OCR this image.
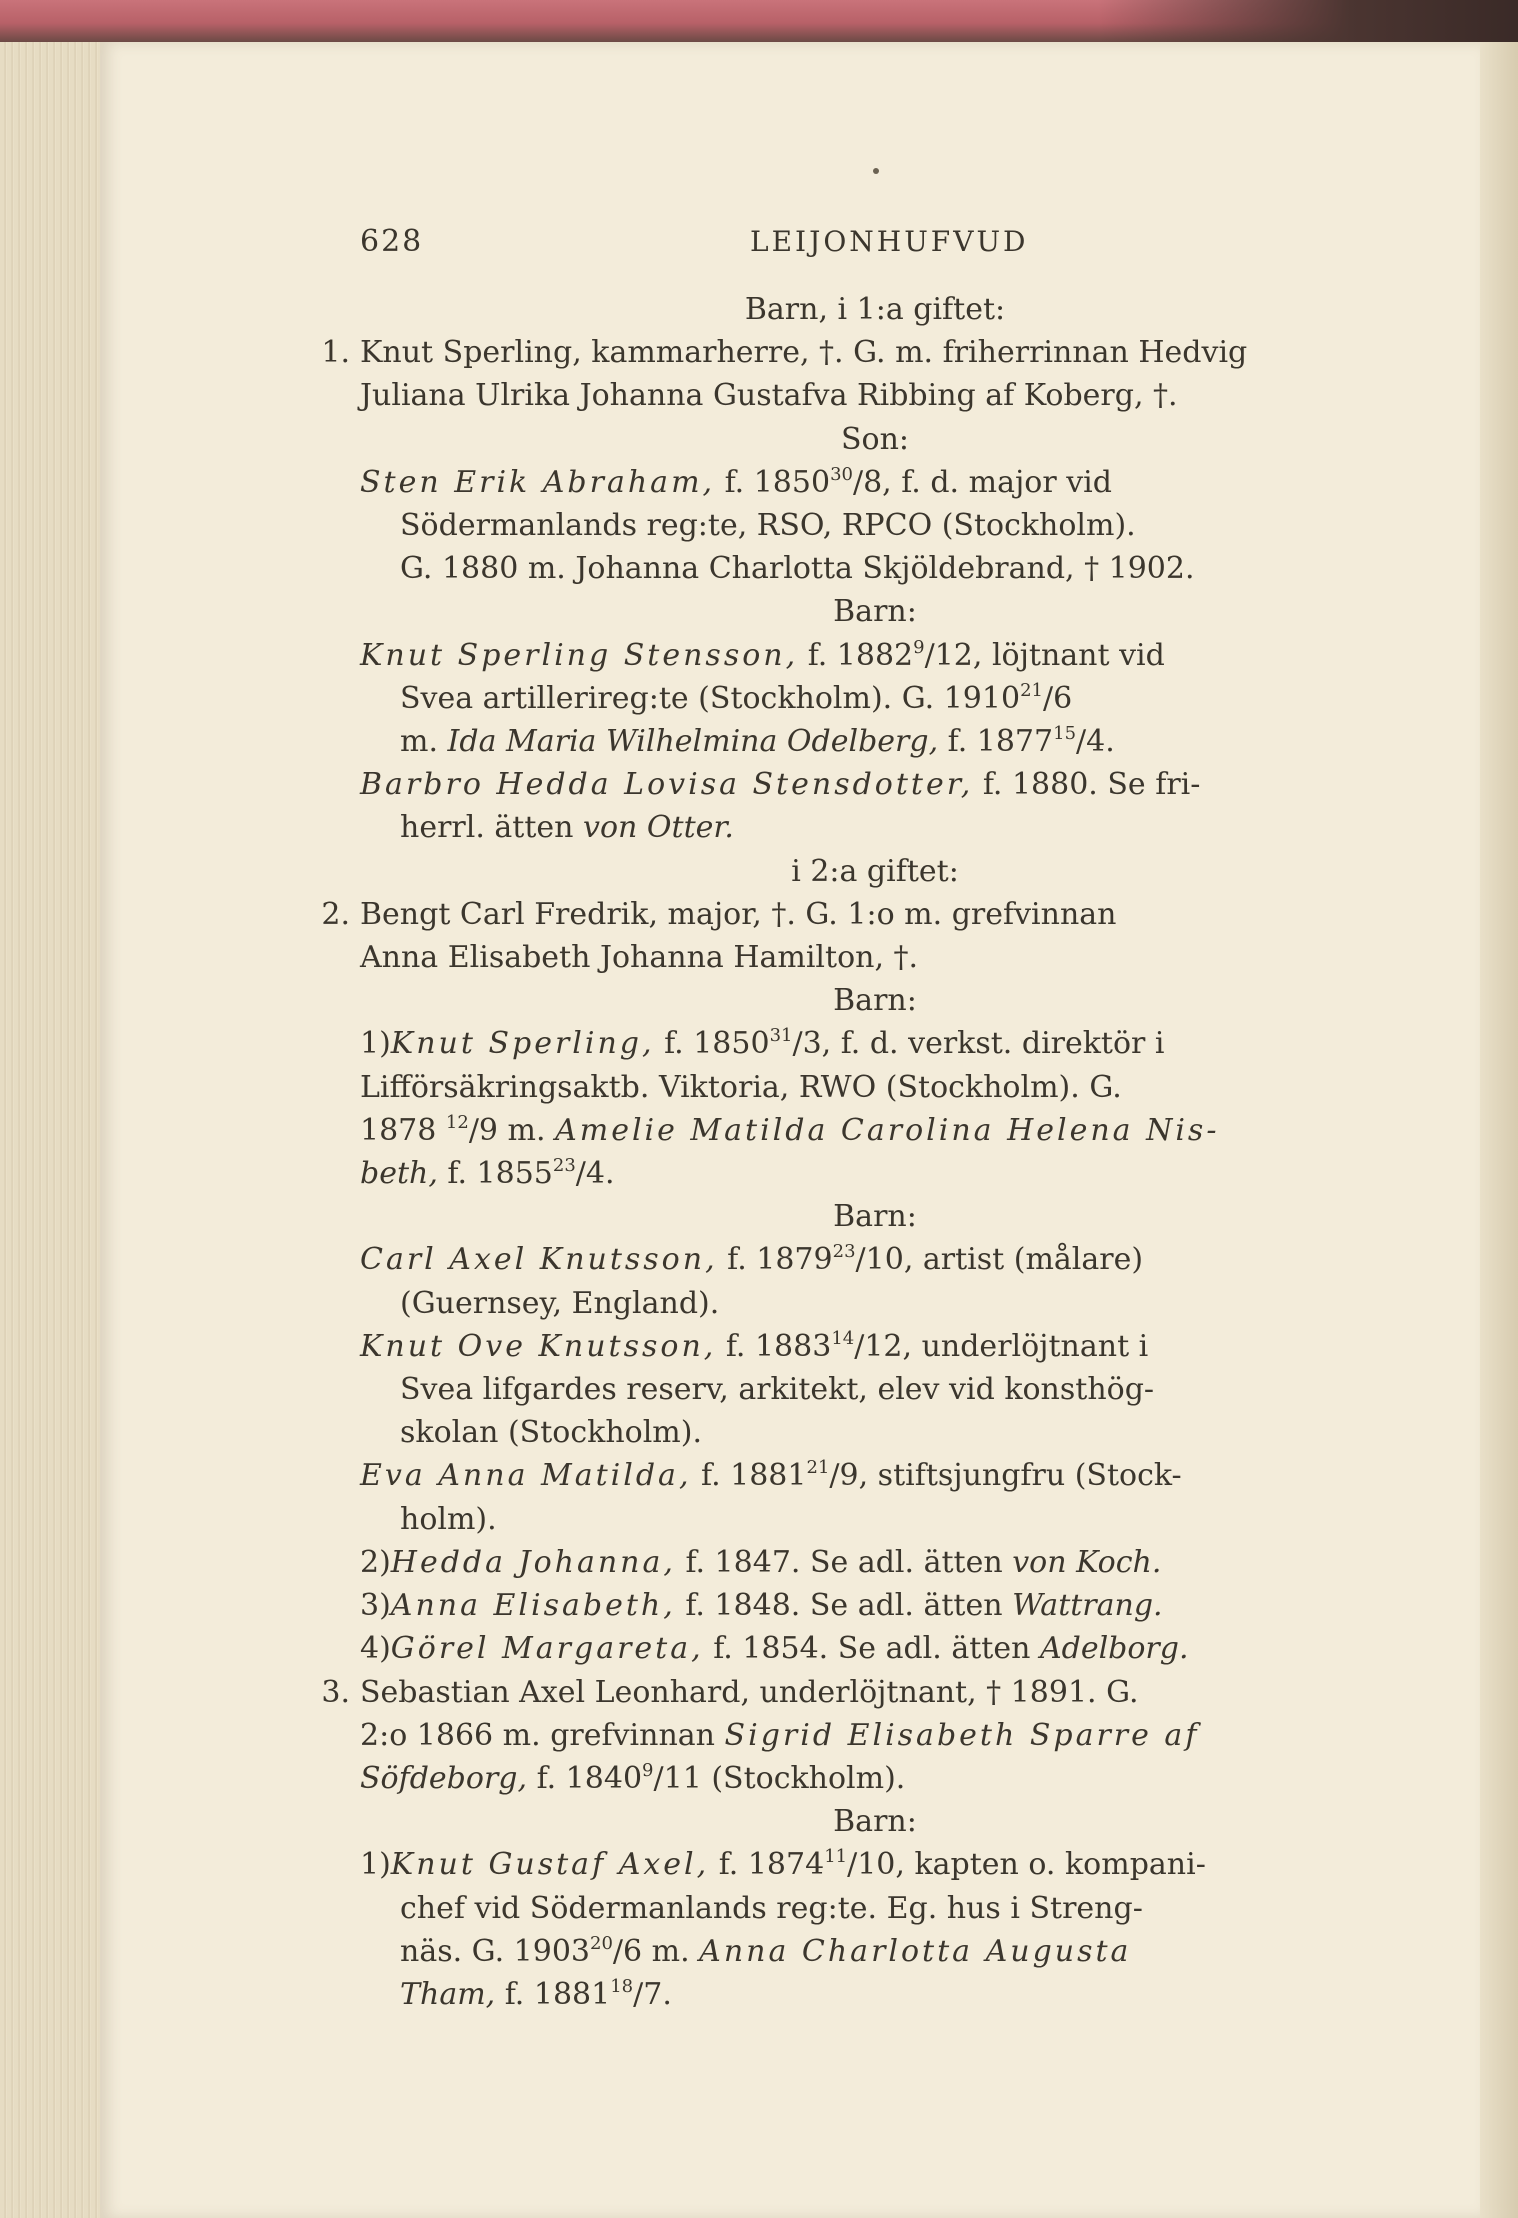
628	LEIJONHUFVUD
Barn, i 1:a giftet:
1. Knut Sperling, kammarherre, †. G. m. friherrinnan Hedvig
Juliana Ulrika Johanna Gustafva Ribbing af Koberg, †.
Son:
Sten Erik Abraham, f. 1850$^{30}$/8, f. d. major vid
Södermanlands reg:te, RSO, RPCO (Stockholm).
G. 1880 m. Johanna Charlotta Skjöldebrand, † 1902.
Barn:
Knut Sperling Stensson, f. 1882$^9$/12, löjtnant vid
Svea artillerireg:te (Stockholm). G. 1910$^{21}$/6
m. Ida Maria Wilhelmina Odelberg, f. 1877$^{15}$/4.
Barbro Hedda Lovisa Stensdotter, f. 1880. Se fri-
herrl. ätten von Otter.
i 2:a giftet:
2. Bengt Carl Fredrik, major, †. G. 1:o m. grefvinnan
Anna Elisabeth Johanna Hamilton, †.
Barn:
1)Knut Sperling, f. 1850$^{31}$/3, f. d. verkst. direktör i
Lifförsäkringsaktb. Viktoria, RWO (Stockholm). G.
1878 $^{12}$/9 m. Amelie Matilda Carolina Helena Nis-
beth, f. 1855$^{23}$/4.
Barn:
Carl Axel Knutsson, f. 1879$^{23}$/10, artist (målare)
(Guernsey, England).
Knut Ove Knutsson, f. 1883$^{14}$/12, underlöjtnant i
Svea lifgardes reserv, arkitekt, elev vid konsthög-
skolan (Stockholm).
Eva Anna Matilda, f. 1881$^{21}$/9, stiftsjungfru (Stock-
holm).
2)Hedda Johanna, f. 1847. Se adl. ätten von Koch.
3)Anna Elisabeth, f. 1848. Se adl. ätten Wattrang.
4)Görel Margareta, f. 1854. Se adl. ätten Adelborg.
3. Sebastian Axel Leonhard, underlöjtnant, † 1891. G.
2:o 1866 m. grefvinnan Sigrid Elisabeth Sparre af
Söfdeborg, f. 1840$^9$/11 (Stockholm).
Barn:
1)Knut Gustaf Axel, f. 1874$^{11}$/10, kapten o. kompani-
chef vid Södermanlands reg:te. Eg. hus i Streng-
näs. G. 1903$^{20}$/6 m. Anna Charlotta Augusta
Tham, f. 1881$^{18}$/7.
